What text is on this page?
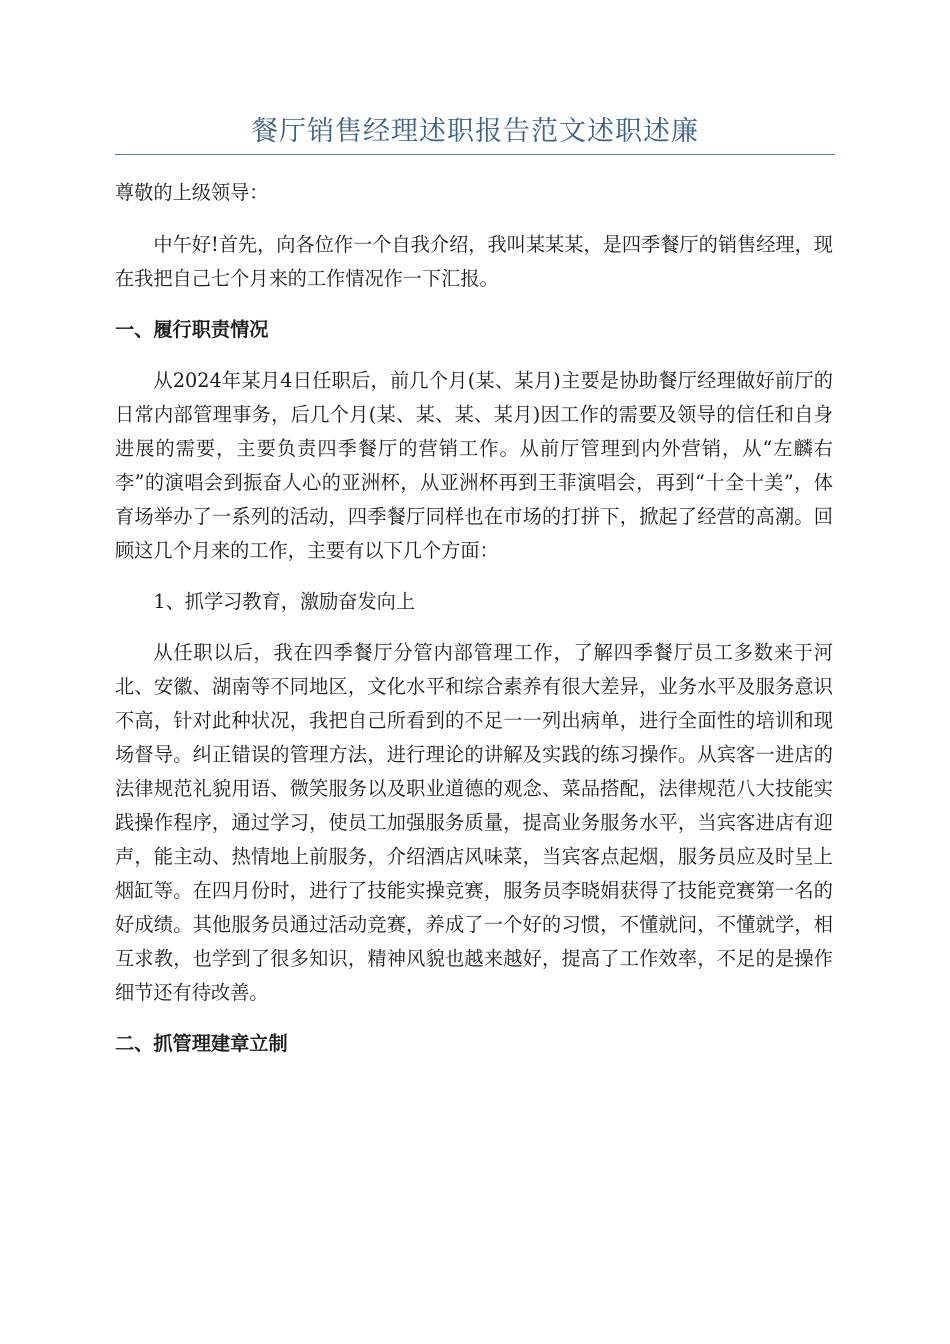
餐厅销售经理述职报告范文述职述廉

尊敬的上级领导：

中午好!首先，向各位作一个自我介绍，我叫某某某，是四季餐厅的销售经理，现在我把自己七个月来的工作情况作一下汇报。

一、履行职责情况

从2024年某月4日任职后，前几个月(某、某月)主要是协助餐厅经理做好前厅的日常内部管理事务，后几个月(某、某、某、某月)因工作的需要及领导的信任和自身进展的需要，主要负责四季餐厅的营销工作。从前厅管理到内外营销，从“左麟右李”的演唱会到振奋人心的亚洲杯，从亚洲杯再到王菲演唱会，再到“十全十美”，体育场举办了一系列的活动，四季餐厅同样也在市场的打拼下，掀起了经营的高潮。回顾这几个月来的工作，主要有以下几个方面：

1、抓学习教育，激励奋发向上

从任职以后，我在四季餐厅分管内部管理工作，了解四季餐厅员工多数来于河北、安徽、湖南等不同地区，文化水平和综合素养有很大差异，业务水平及服务意识不高，针对此种状况，我把自己所看到的不足一一列出病单，进行全面性的培训和现场督导。纠正错误的管理方法，进行理论的讲解及实践的练习操作。从宾客一进店的法律规范礼貌用语、微笑服务以及职业道德的观念、菜品搭配，法律规范八大技能实践操作程序，通过学习，使员工加强服务质量，提高业务服务水平，当宾客进店有迎声，能主动、热情地上前服务，介绍酒店风味菜，当宾客点起烟，服务员应及时呈上烟缸等。在四月份时，进行了技能实操竞赛，服务员李晓娟获得了技能竞赛第一名的好成绩。其他服务员通过活动竞赛，养成了一个好的习惯，不懂就问，不懂就学，相互求教，也学到了很多知识，精神风貌也越来越好，提高了工作效率，不足的是操作细节还有待改善。

二、抓管理建章立制
